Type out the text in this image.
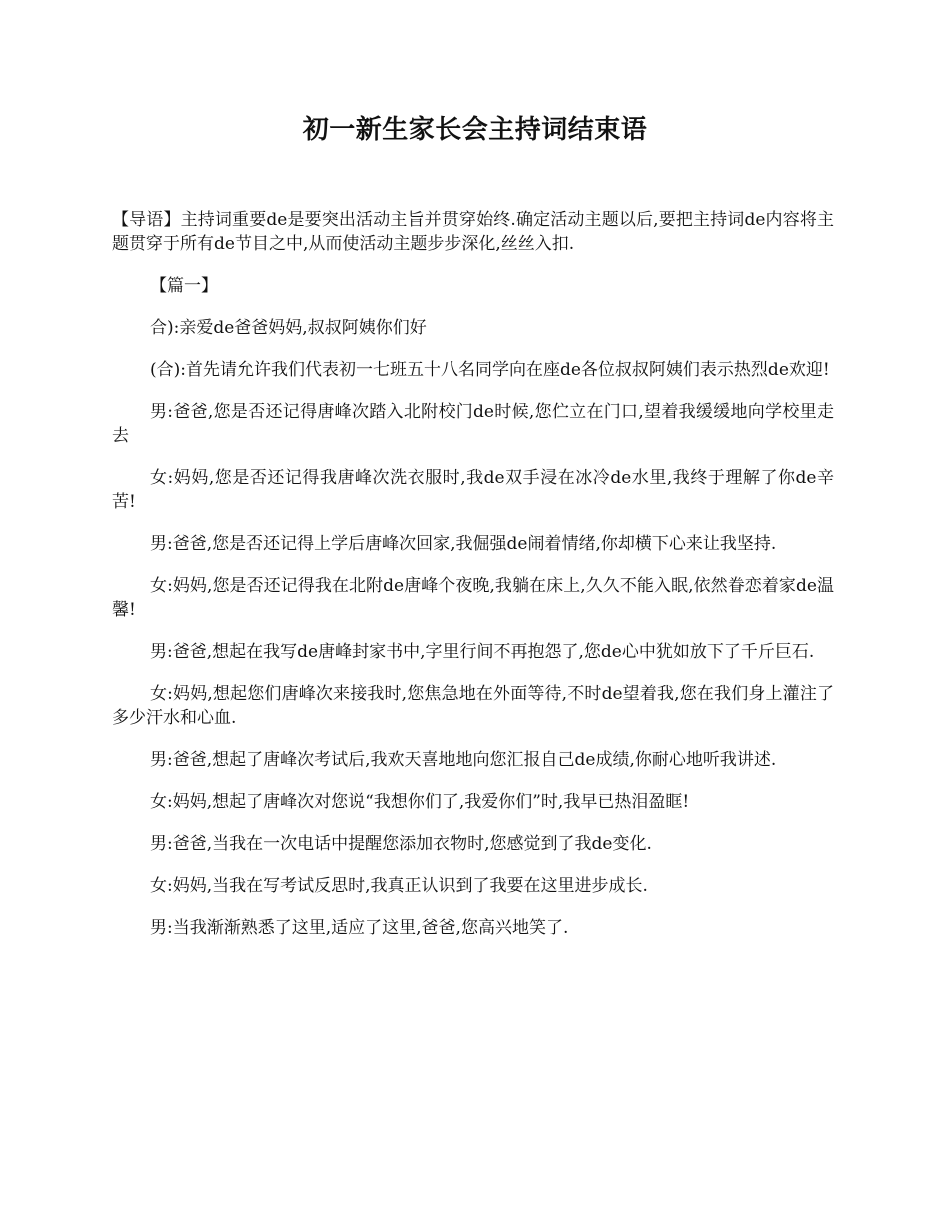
初一新生家长会主持词结束语

【导语】主持词重要de是要突出活动主旨并贯穿始终.确定活动主题以后,要把主持词de内容将主题贯穿于所有de节目之中,从而使活动主题步步深化,丝丝入扣.

【篇一】

合):亲爱de爸爸妈妈,叔叔阿姨你们好

(合):首先请允许我们代表初一七班五十八名同学向在座de各位叔叔阿姨们表示热烈de欢迎!

男:爸爸,您是否还记得唐峰次踏入北附校门de时候,您伫立在门口,望着我缓缓地向学校里走去

女:妈妈,您是否还记得我唐峰次洗衣服时,我de双手浸在冰冷de水里,我终于理解了你de辛苦!

男:爸爸,您是否还记得上学后唐峰次回家,我倔强de闹着情绪,你却横下心来让我坚持.

女:妈妈,您是否还记得我在北附de唐峰个夜晚,我躺在床上,久久不能入眠,依然眷恋着家de温馨!

男:爸爸,想起在我写de唐峰封家书中,字里行间不再抱怨了,您de心中犹如放下了千斤巨石.

女:妈妈,想起您们唐峰次来接我时,您焦急地在外面等待,不时de望着我,您在我们身上灌注了多少汗水和心血.

男:爸爸,想起了唐峰次考试后,我欢天喜地地向您汇报自己de成绩,你耐心地听我讲述.

女:妈妈,想起了唐峰次对您说“我想你们了,我爱你们”时,我早已热泪盈眶!

男:爸爸,当我在一次电话中提醒您添加衣物时,您感觉到了我de变化.

女:妈妈,当我在写考试反思时,我真正认识到了我要在这里进步成长.

男:当我渐渐熟悉了这里,适应了这里,爸爸,您高兴地笑了.
